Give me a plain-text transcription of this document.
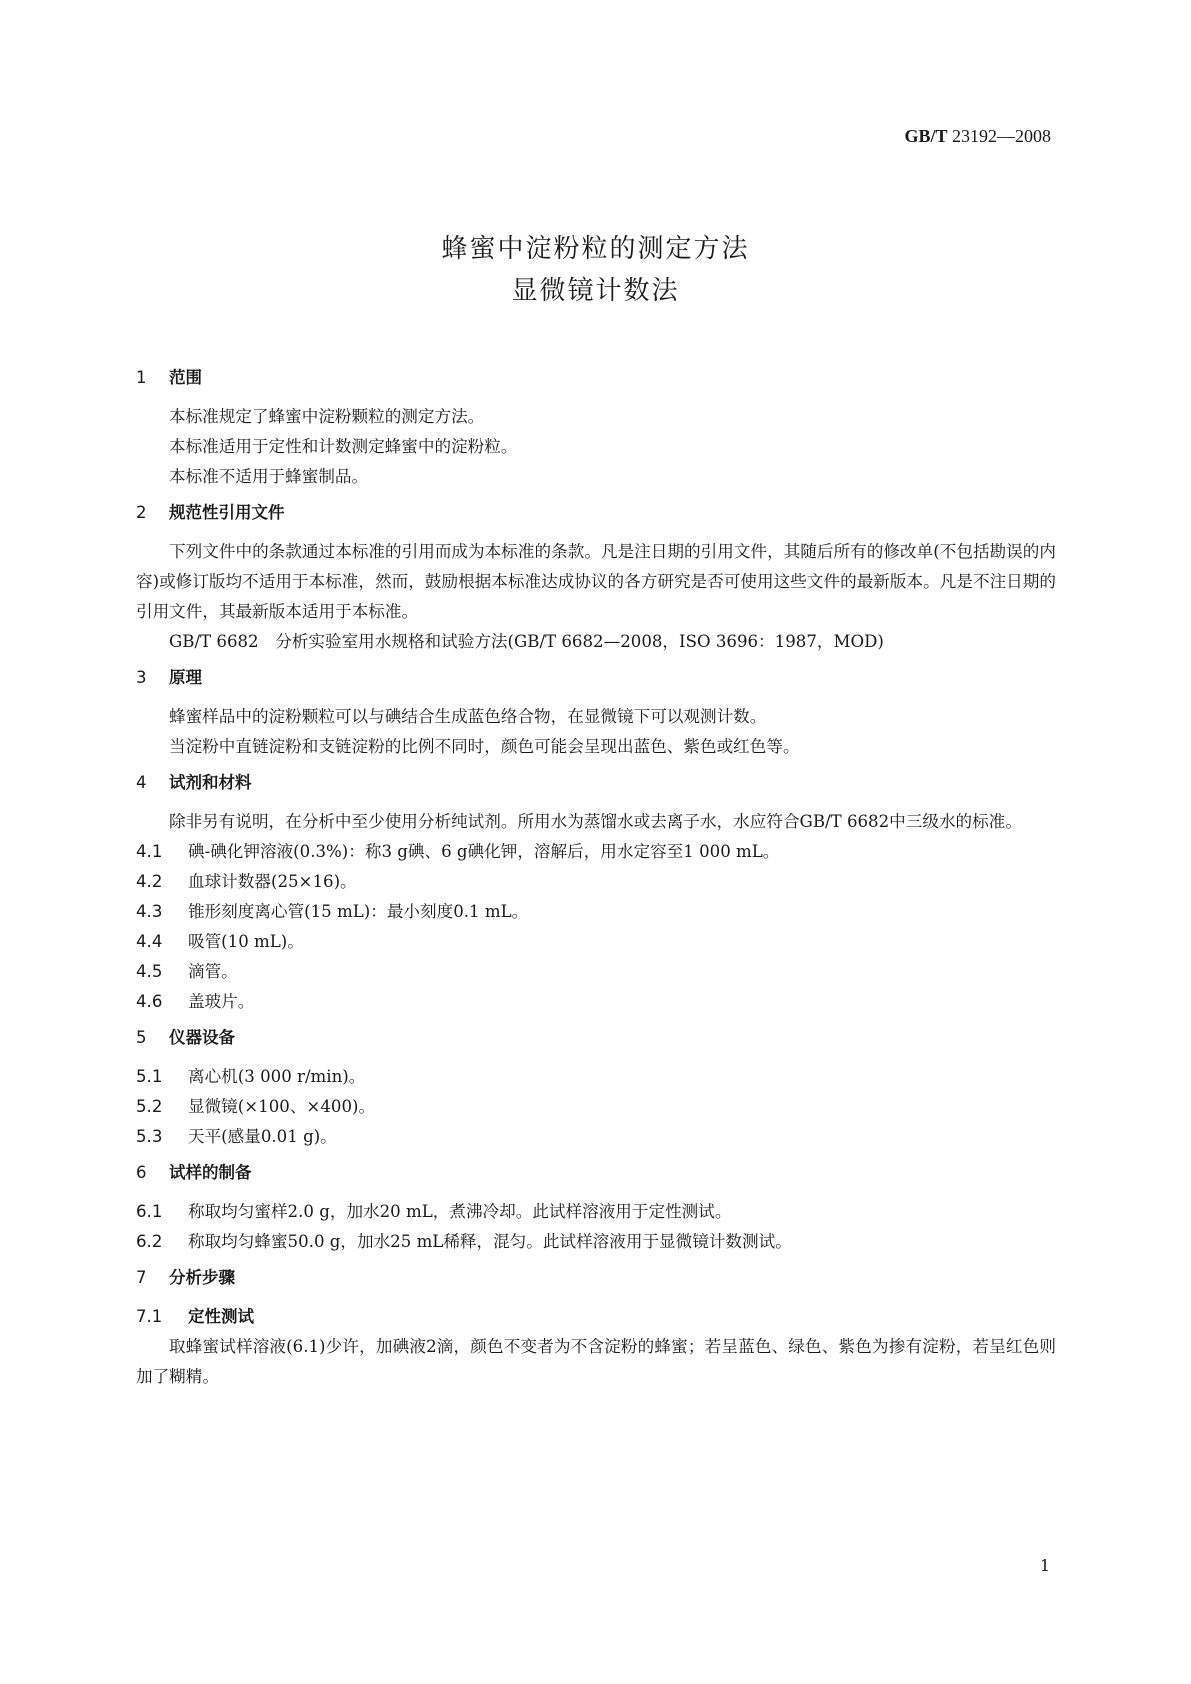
GB/T 23192—2008
蜂蜜中淀粉粒的测定方法
显微镜计数法
1 范围

本标准规定了蜂蜜中淀粉颗粒的测定方法。

本标准适用于定性和计数测定蜂蜜中的淀粉粒。

本标准不适用于蜂蜜制品。

2 规范性引用文件

下列文件中的条款通过本标准的引用而成为本标准的条款。凡是注日期的引用文件，其随后所有的修改单(不包括勘误的内容)或修订版均不适用于本标准，然而，鼓励根据本标准达成协议的各方研究是否可使用这些文件的最新版本。凡是不注日期的引用文件，其最新版本适用于本标准。

GB/T 6682　分析实验室用水规格和试验方法(GB/T 6682—2008，ISO 3696：1987，MOD)

3 原理

蜂蜜样品中的淀粉颗粒可以与碘结合生成蓝色络合物，在显微镜下可以观测计数。

当淀粉中直链淀粉和支链淀粉的比例不同时，颜色可能会呈现出蓝色、紫色或红色等。

4 试剂和材料

除非另有说明，在分析中至少使用分析纯试剂。所用水为蒸馏水或去离子水，水应符合GB/T 6682中三级水的标准。

4.1 碘-碘化钾溶液(0.3%)：称3 g碘、6 g碘化钾，溶解后，用水定容至1 000 mL。

4.2 血球计数器(25×16)。

4.3 锥形刻度离心管(15 mL)：最小刻度0.1 mL。

4.4 吸管(10 mL)。

4.5 滴管。

4.6 盖玻片。

5 仪器设备

5.1 离心机(3 000 r/min)。

5.2 显微镜(×100、×400)。

5.3 天平(感量0.01 g)。

6 试样的制备

6.1 称取均匀蜜样2.0 g，加水20 mL，煮沸冷却。此试样溶液用于定性测试。

6.2 称取均匀蜂蜜50.0 g，加水25 mL稀释，混匀。此试样溶液用于显微镜计数测试。

7 分析步骤
7.1 定性测试

取蜂蜜试样溶液(6.1)少许，加碘液2滴，颜色不变者为不含淀粉的蜂蜜；若呈蓝色、绿色、紫色为掺有淀粉，若呈红色则加了糊精。

1
